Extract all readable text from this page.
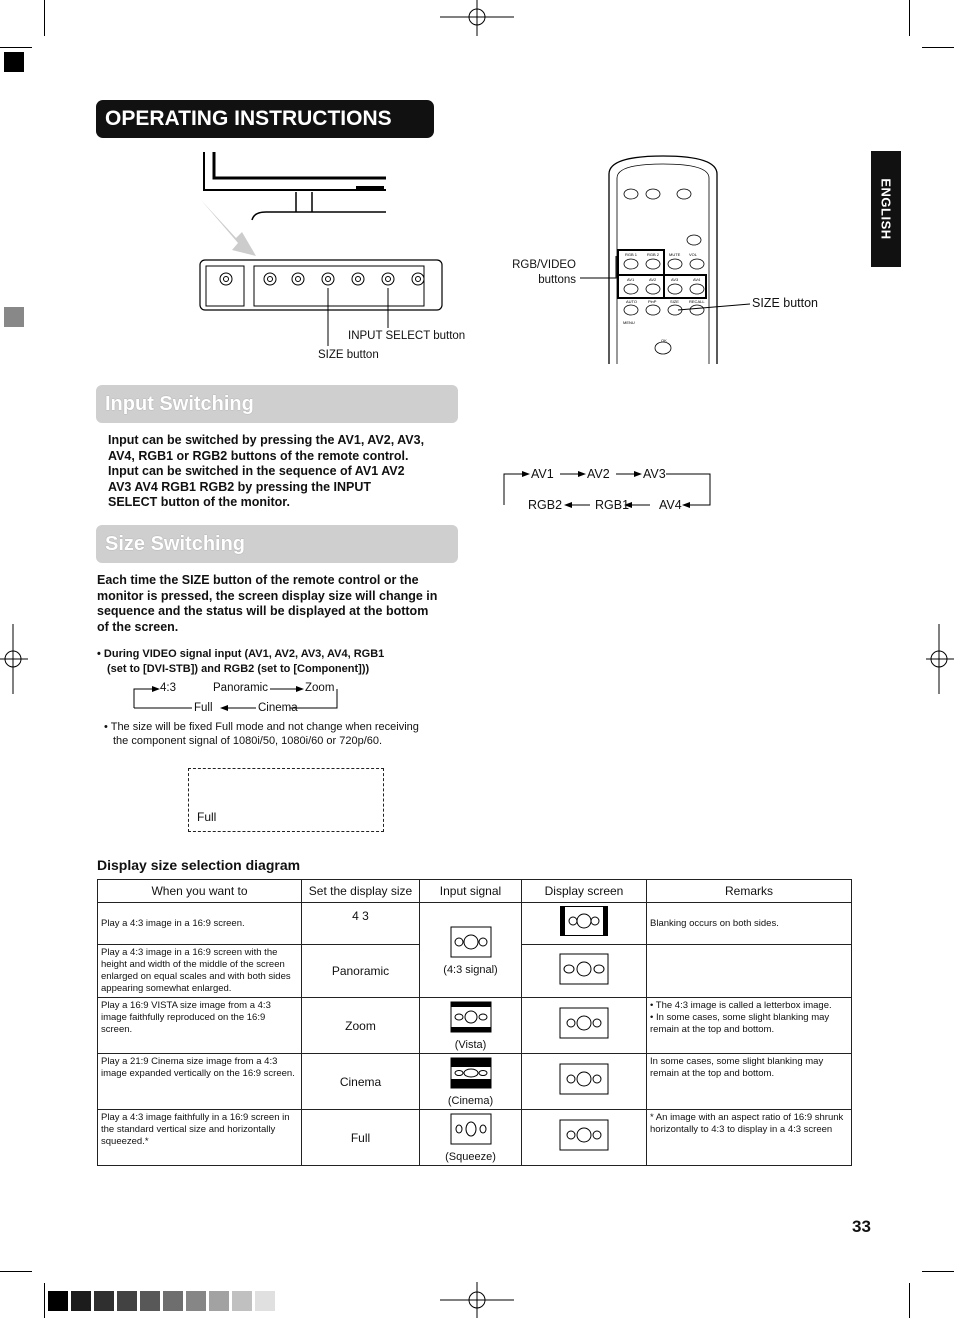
OPERATING INSTRUCTIONS
ENGLISH
INPUT SELECT button
SIZE button
RGB 1 RGB 2 MUTE VOL
AV1	AV2	AV3	AV4
AUTO	PinP	SIZE	RECALL
MENU
OK
RGB/VIDEO
buttons
SIZE button
Input Switching
Input can be switched by pressing the AV1, AV2, AV3,
AV4, RGB1 or RGB2 buttons of the remote control.
Input can be switched in the sequence of AV1 AV2
AV3 AV4 RGB1 RGB2 by pressing the INPUT
SELECT button of the monitor.
AV1	AV2	AV3
RGB2	RGB1 AV4
Size Switching
Each time the SIZE button of the remote control or the
monitor is pressed, the screen display size will change in
sequence and the status will be displayed at the bottom
of the screen.
• During VIDEO signal input (AV1, AV2, AV3, AV4, RGB1
(set to [DVI-STB]) and RGB2 (set to [Component]))
4:3	Panoramic	Zoom
Full	Cinema
• The size will be fixed Full mode and not change when receiving
the component signal of 1080i/50, 1080i/60 or 720p/60.
Full
Display size selection diagram
When you want to	Set the display size	Input signal	Display screen	Remarks
Play a 4:3 image in a 16:9 screen.	4 3	(4:3 signal)		Blanking occurs on both sides.
Play a 4:3 image in a 16:9 screen with the height and width of the middle of the screen enlarged on equal scales and with both sides appearing somewhat enlarged.	Panoramic		
Play a 16:9 VISTA size image from a 4:3 image faithfully reproduced on the 16:9 screen.	Zoom	(Vista)		• The 4:3 image is called a letterbox image.
• In some cases, some slight blanking may remain at the top and bottom.

Play a 21:9 Cinema size image from a 4:3 image expanded vertically on the 16:9 screen.	Cinema	(Cinema)		In some cases, some slight blanking may remain at the top and bottom.
Play a 4:3 image faithfully in a 16:9 screen in the standard vertical size and horizontally squeezed.*	Full	(Squeeze)		* An image with an aspect ratio of 16:9 shrunk horizontally to 4:3 to display in a 4:3 screen
33
